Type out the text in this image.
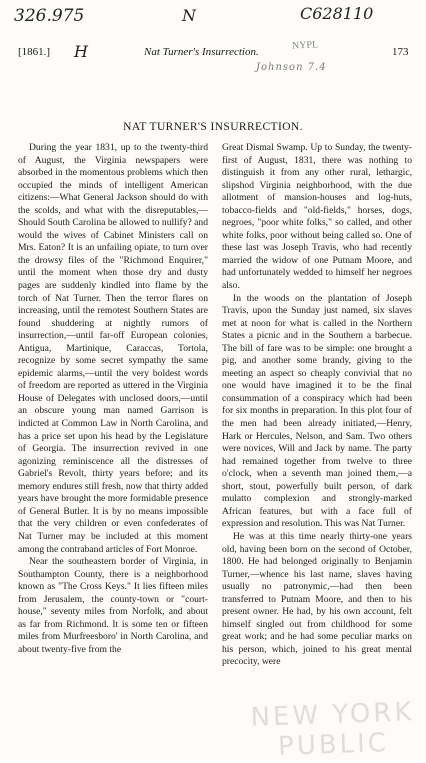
326.975	N	C628110
H
Johnson 7.4
[1861.]	Nat Turner's Insurrection.
NYPL
173
NAT TURNER'S INSURRECTION.

During the year 1831, up to the twenty-third of August, the Virginia newspapers were absorbed in the momentous problems which then occupied the minds of intelligent American citizens:—What General Jackson should do with the scolds, and what with the disreputables,—Should South Carolina be allowed to nullify? and would the wives of Cabinet Ministers call on Mrs. Eaton? It is an unfailing opiate, to turn over the drowsy files of the "Richmond Enquirer," until the moment when those dry and dusty pages are suddenly kindled into flame by the torch of Nat Turner. Then the terror flares on increasing, until the remotest Southern States are found shuddering at nightly rumors of insurrection,—until far-off European colonies, Antigua, Martinique, Caraccas, Tortola, recognize by some secret sympathy the same epidemic alarms,—until the very boldest words of freedom are reported as uttered in the Virginia House of Delegates with unclosed doors,—until an obscure young man named Garrison is indicted at Common Law in North Carolina, and has a price set upon his head by the Legislature of Georgia. The insurrection revived in one agonizing reminiscence all the distresses of Gabriel's Revolt, thirty years before; and its memory endures still fresh, now that thirty added years have brought the more formidable presence of General Butler. It is by no means impossible that the very children or even confederates of Nat Turner may be included at this moment among the contraband articles of Fort Monroe.

Near the southeastern border of Virginia, in Southampton County, there is a neighborhood known as "The Cross Keys." It lies fifteen miles from Jerusalem, the county-town or "court-house," seventy miles from Norfolk, and about as far from Richmond. It is some ten or fifteen miles from Murfreesboro' in North Carolina, and about twenty-five from the

Great Dismal Swamp. Up to Sunday, the twenty-first of August, 1831, there was nothing to distinguish it from any other rural, lethargic, slipshod Virginia neighborhood, with the due allotment of mansion-houses and log-huts, tobacco-fields and "old-fields," horses, dogs, negroes, "poor white folks," so called, and other white folks, poor without being called so. One of these last was Joseph Travis, who had recently married the widow of one Putnam Moore, and had unfortunately wedded to himself her negroes also.

In the woods on the plantation of Joseph Travis, upon the Sunday just named, six slaves met at noon for what is called in the Northern States a picnic and in the Southern a barbecue. The bill of fare was to be simple: one brought a pig, and another some brandy, giving to the meeting an aspect so cheaply convivial that no one would have imagined it to be the final consummation of a conspiracy which had been for six months in preparation. In this plot four of the men had been already initiated,—Henry, Hark or Hercules, Nelson, and Sam. Two others were novices, Will and Jack by name. The party had remained together from twelve to three o'clock, when a seventh man joined them,—a short, stout, powerfully built person, of dark mulatto complexion and strongly-marked African features, but with a face full of expression and resolution. This was Nat Turner.

He was at this time nearly thirty-one years old, having been born on the second of October, 1800. He had belonged originally to Benjamin Turner,—whence his last name, slaves having usually no patronymic,—had then been transferred to Putnam Moore, and then to his present owner. He had, by his own account, felt himself singled out from childhood for some great work; and he had some peculiar marks on his person, which, joined to his great mental precocity, were

NEW YORK
PUBLIC
